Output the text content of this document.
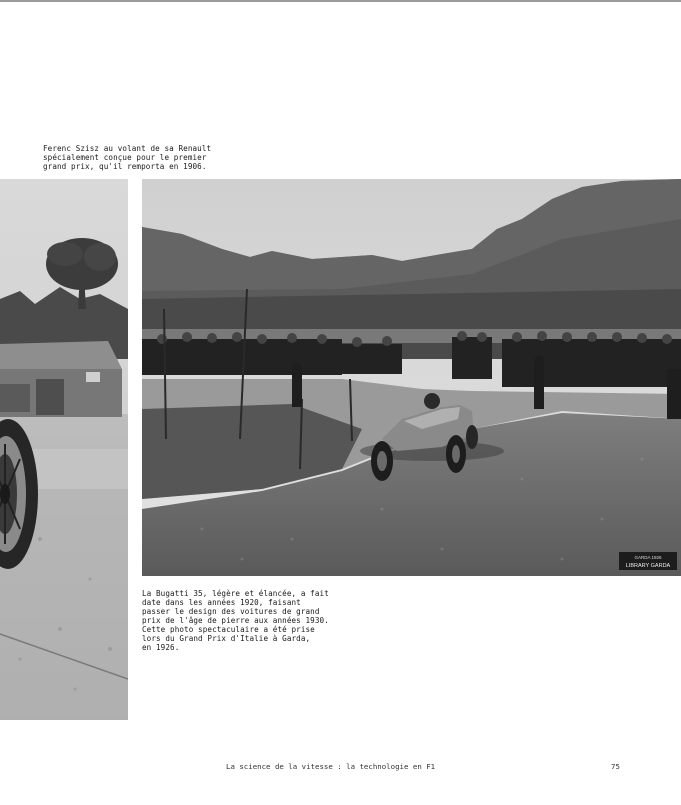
Ferenc Szisz au volant de sa Renault
spécialement conçue pour le premier
grand prix, qu'il remporta en 1906.
GARDA 1926
LIBRARY GARDA
La Bugatti 35, légère et élancée, a fait
date dans les années 1920, faisant
passer le design des voitures de grand
prix de l'âge de pierre aux années 1930.
Cette photo spectaculaire a été prise
lors du Grand Prix d'Italie à Garda,
en 1926.
La science de la vitesse : la technologie en F1	75
